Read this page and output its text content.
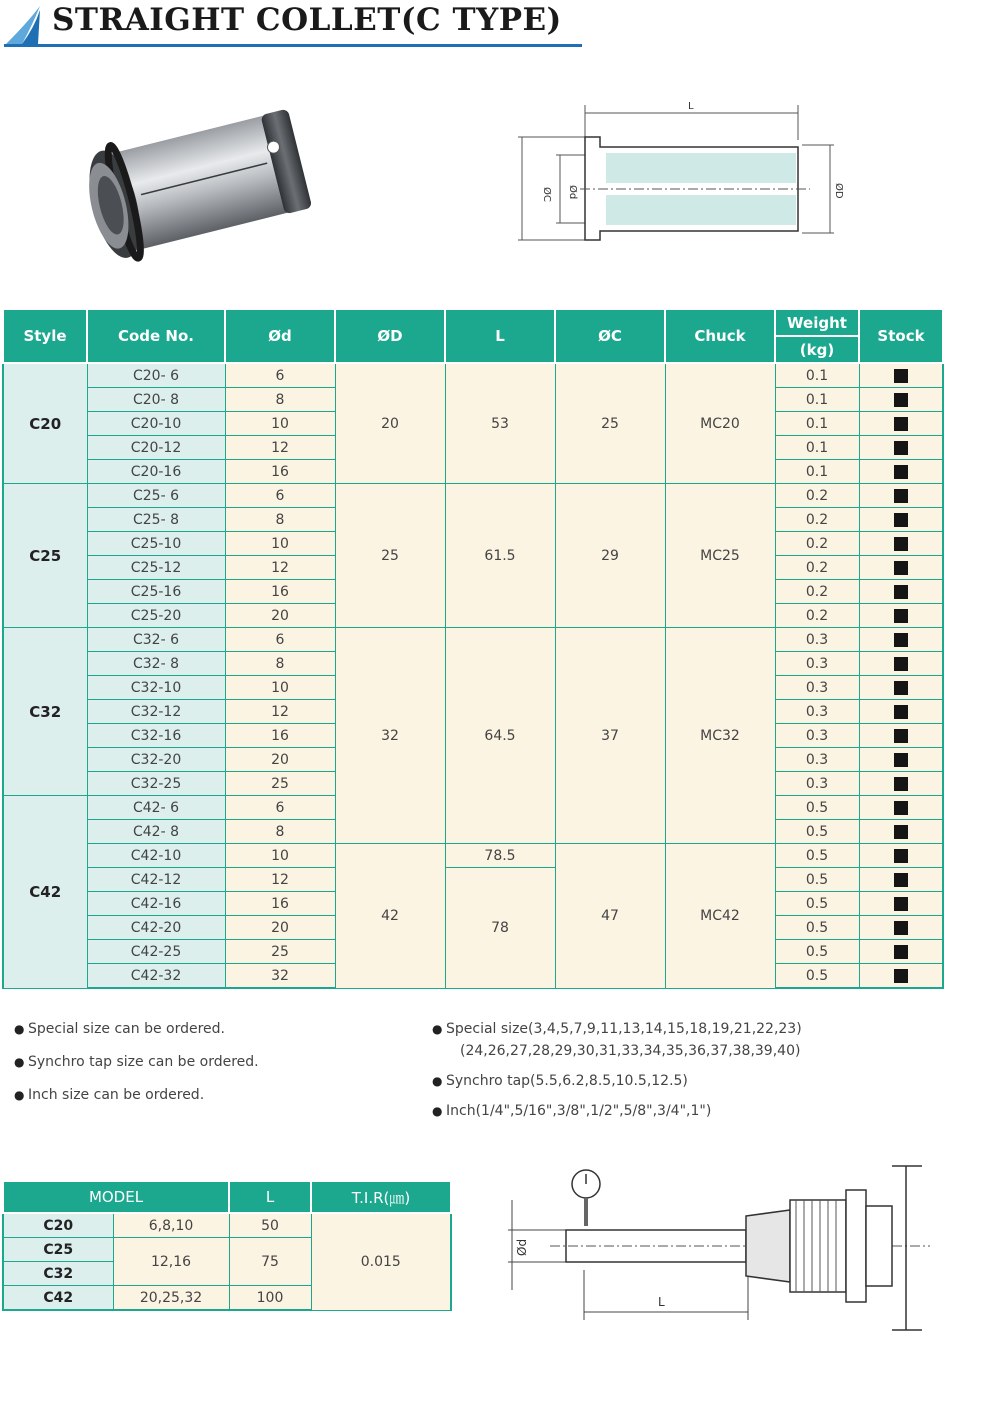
STRAIGHT COLLET(C TYPE)
L
ØC Ød	ØD
Style	Code No.	Ød	ØD	L	ØC	Chuck	Weight	Stock
							(kg)	
C20	C20- 6	6	20	53	25	MC20	0.1	
	C20- 8	8					0.1	
	C20-10	10					0.1	
	C20-12	12					0.1	
	C20-16	16					0.1	
C25	C25- 6	6	25	61.5	29	MC25	0.2	
	C25- 8	8					0.2	
	C25-10	10					0.2	
	C25-12	12					0.2	
	C25-16	16					0.2	
	C25-20	20					0.2	
C32	C32- 6	6	32	64.5	37	MC32	0.3	
	C32- 8	8					0.3	
	C32-10	10					0.3	
	C32-12	12					0.3	
	C32-16	16					0.3	
	C32-20	20					0.3	
	C32-25	25					0.3	
C42	C42- 6	6					0.5	
	C42- 8	8					0.5	
	C42-10	10	42	78.5	47	MC42	0.5	
	C42-12	12		78			0.5	
	C42-16	16					0.5	
	C42-20	20					0.5	
	C42-25	25					0.5	
	C42-32	32					0.5	
● Special size can be ordered.
● Synchro tap size can be ordered.
● Inch size can be ordered.
● Special size(3,4,5,7,9,11,13,14,15,18,19,21,22,23)
(24,26,27,28,29,30,31,33,34,35,36,37,38,39,40)
● Synchro tap(5.5,6.2,8.5,10.5,12.5)
● Inch(1/4",5/16",3/8",1/2",5/8",3/4",1")
MODEL		L	T.I.R(㎛)
C20	6,8,10	50	0.015
C25	12,16	75	
C32			
C42	20,25,32	100	
Ød
L
